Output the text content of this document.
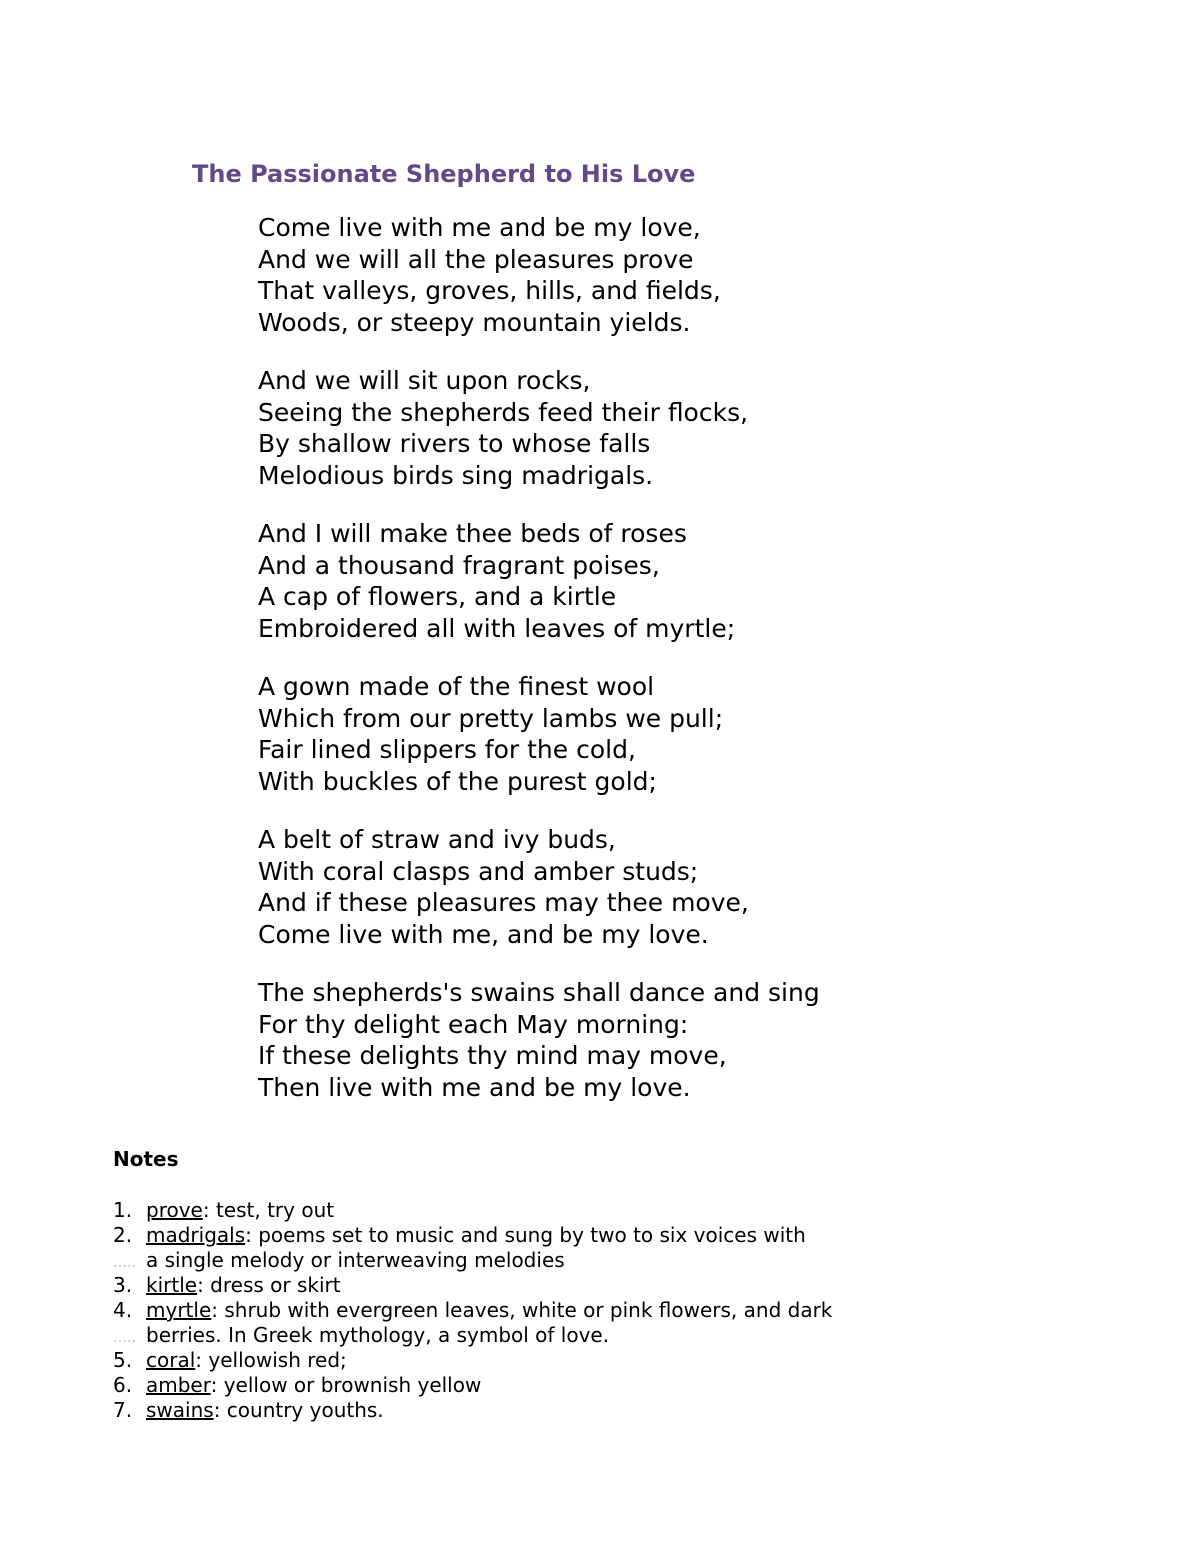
The Passionate Shepherd to His Love
Come live with me and be my love,
And we will all the pleasures prove
That valleys, groves, hills, and fields,
Woods, or steepy mountain yields.
And we will sit upon rocks,
Seeing the shepherds feed their flocks,
By shallow rivers to whose falls
Melodious birds sing madrigals.
And I will make thee beds of roses
And a thousand fragrant poises,
A cap of flowers, and a kirtle
Embroidered all with leaves of myrtle;
A gown made of the finest wool
Which from our pretty lambs we pull;
Fair lined slippers for the cold,
With buckles of the purest gold;
A belt of straw and ivy buds,
With coral clasps and amber studs;
And if these pleasures may thee move,
Come live with me, and be my love.
The shepherds's swains shall dance and sing
For thy delight each May morning:
If these delights thy mind may move,
Then live with me and be my love.
Notes
1. prove: test, try out
2. madrigals: poems set to music and sung by two to six voices with
….. a single melody or interweaving melodies
3. kirtle: dress or skirt
4. myrtle: shrub with evergreen leaves, white or pink flowers, and dark
….. berries. In Greek mythology, a symbol of love.
5. coral: yellowish red;
6. amber: yellow or brownish yellow
7. swains: country youths.
